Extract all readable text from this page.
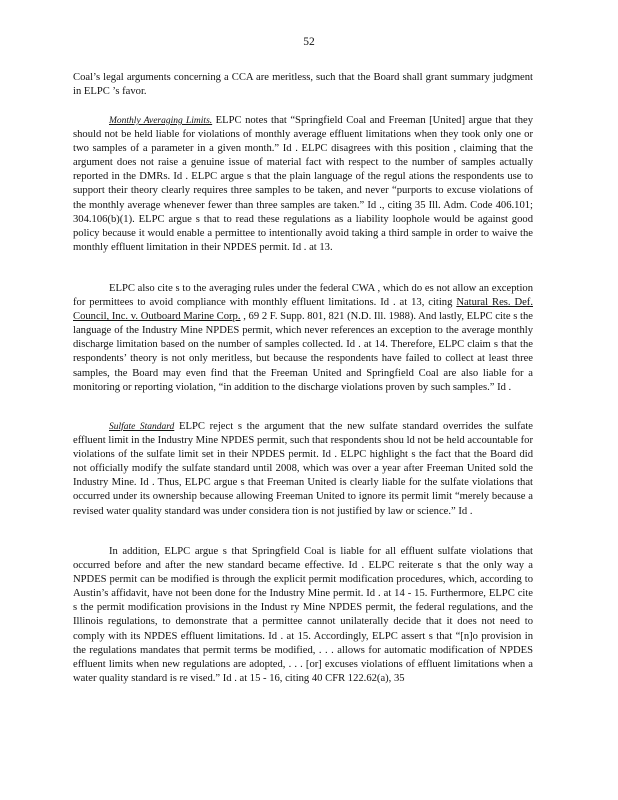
52

Coal’s legal arguments concerning a CCA are meritless, such that the Board shall grant summary judgment in ELPC ’s favor.

Monthly Averaging Limits. ELPC notes that “Springfield Coal and Freeman [United] argue that they should not be held liable for violations of monthly average effluent limitations when they took only one or two samples of a parameter in a given month.” Id . ELPC disagrees with this position , claiming that the argument does not raise a genuine issue of material fact with respect to the number of samples actually reported in the DMRs. Id . ELPC argue s that the plain language of the regul ations the respondents use to support their theory clearly requires three samples to be taken, and never “purports to excuse violations of the monthly average whenever fewer than three samples are taken.” Id ., citing 35 Ill. Adm. Code 406.101; 304.106(b)(1). ELPC argue s that to read these regulations as a liability loophole would be against good policy because it would enable a permittee to intentionally avoid taking a third sample in order to waive the monthly effluent limitation in their NPDES permit. Id . at 13.

ELPC also cite s to the averaging rules under the federal CWA , which do es not allow an exception for permittees to avoid compliance with monthly effluent limitations. Id . at 13, citing Natural Res. Def. Council, Inc. v. Outboard Marine Corp. , 69 2 F. Supp. 801, 821 (N.D. Ill. 1988). And lastly, ELPC cite s the language of the Industry Mine NPDES permit, which never references an exception to the average monthly discharge limitation based on the number of samples collected. Id . at 14. Therefore, ELPC claim s that the respondents’ theory is not only meritless, but because the respondents have failed to collect at least three samples, the Board may even find that the Freeman United and Springfield Coal are also liable for a monitoring or reporting violation, “in addition to the discharge violations proven by such samples.” Id .

Sulfate Standard ELPC reject s the argument that the new sulfate standard overrides the sulfate effluent limit in the Industry Mine NPDES permit, such that respondents shou ld not be held accountable for violations of the sulfate limit set in their NPDES permit. Id . ELPC highlight s the fact that the Board did not officially modify the sulfate standard until 2008, which was over a year after Freeman United sold the Industry Mine. Id . Thus, ELPC argue s that Freeman United is clearly liable for the sulfate violations that occurred under its ownership because allowing Freeman United to ignore its permit limit “merely because a revised water quality standard was under considera tion is not justified by law or science.” Id .

In addition, ELPC argue s that Springfield Coal is liable for all effluent sulfate violations that occurred before and after the new standard became effective. Id . ELPC reiterate s that the only way a NPDES permit can be modified is through the explicit permit modification procedures, which, according to Austin’s affidavit, have not been done for the Industry Mine permit. Id . at 14 - 15. Furthermore, ELPC cite s the permit modification provisions in the Indust ry Mine NPDES permit, the federal regulations, and the Illinois regulations, to demonstrate that a permittee cannot unilaterally decide that it does not need to comply with its NPDES effluent limitations. Id . at 15. Accordingly, ELPC assert s that “[n]o provision in the regulations mandates that permit terms be modified, . . . allows for automatic modification of NPDES effluent limits when new regulations are adopted, . . . [or] excuses violations of effluent limitations when a water quality standard is re vised.” Id . at 15 - 16, citing 40 CFR 122.62(a), 35
